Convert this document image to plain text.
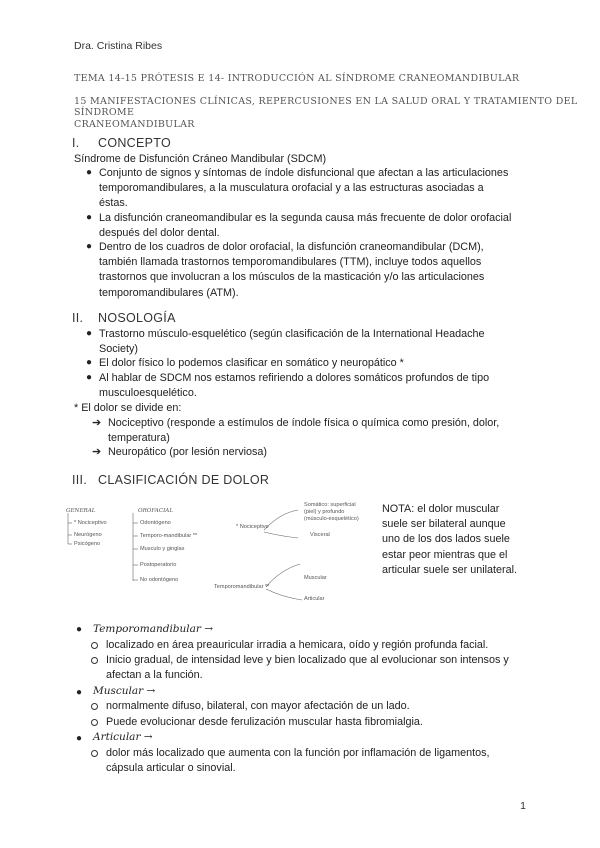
Dra. Cristina Ribes
TEMA 14-15 PRÓTESIS E 14- INTRODUCCIÓN AL SÍNDROME CRANEOMANDIBULAR
15 MANIFESTACIONES CLÍNICAS, REPERCUSIONES EN LA SALUD ORAL Y TRATAMIENTO DEL SÍNDROME
CRANEOMANDIBULAR
I. CONCEPTO
Síndrome de Disfunción Cráneo Mandibular (SDCM)
● Conjunto de signos y síntomas de índole disfuncional que afectan a las articulaciones
temporomandibulares, a la musculatura orofacial y a las estructuras asociadas a
éstas.
● La disfunción craneomandibular es la segunda causa más frecuente de dolor orofacial
después del dolor dental.
● Dentro de los cuadros de dolor orofacial, la disfunción craneomandibular (DCM),
también llamada trastornos temporomandibulares (TTM), incluye todos aquellos
trastornos que involucran a los músculos de la masticación y/o las articulaciones
temporomandibulares (ATM).
II. NOSOLOGÍA
● Trastorno músculo-esquelético (según clasificación de la International Headache
Society)
● El dolor físico lo podemos clasificar en somático y neuropático *
● Al hablar de SDCM nos estamos refiriendo a dolores somáticos profundos de tipo
musculoesquelético.
* El dolor se divide en:
➔ Nociceptivo (responde a estímulos de índole física o química como presión, dolor,
temperatura)
➔ Neuropático (por lesión nerviosa)
III. CLASIFICACIÓN DE DOLOR
GENERAL
* Nociceptivo
Neurógeno
Psicógeno
OROFACIAL
Odontógeno
Temporo-mandibular **
Musculo y ginglas
Postoperatorio
No odontógeno
* Nociceptivo
Somático: superficial
(piel) y profundo
(músculo-esquelético)
Visceral
Temporomandibular **
Muscular
Articular
NOTA: el dolor muscular
suele ser bilateral aunque
uno de los dos lados suele
estar peor mientras que el
articular suele ser unilateral.
● Temporomandibular →
localizado en área preauricular irradia a hemicara, oído y región profunda facial.
Inicio gradual, de intensidad leve y bien localizado que al evolucionar son intensos y
afectan a la función.
● Muscular →
normalmente difuso, bilateral, con mayor afectación de un lado.
Puede evolucionar desde ferulización muscular hasta fibromialgia.
● Articular →
dolor más localizado que aumenta con la función por inflamación de ligamentos,
cápsula articular o sinovial.
1
